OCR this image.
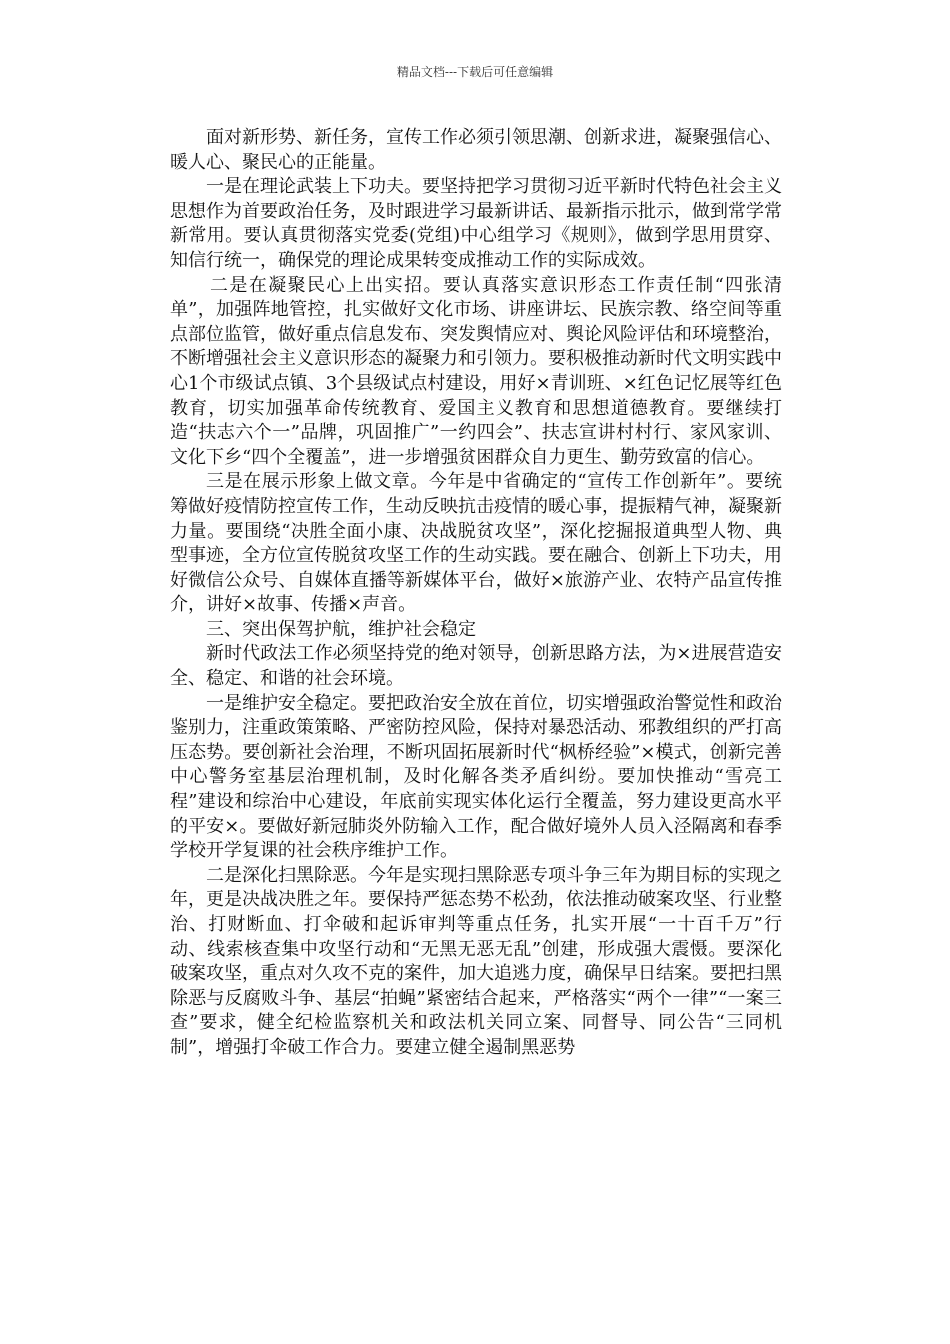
精品文档---下载后可任意编辑

面对新形势、新任务，宣传工作必须引领思潮、创新求进，凝聚强信心、暖人心、聚民心的正能量。

一是在理论武装上下功夫。要坚持把学习贯彻习近平新时代特色社会主义思想作为首要政治任务，及时跟进学习最新讲话、最新指示批示，做到常学常新常用。要认真贯彻落实党委(党组)中心组学习《规则》，做到学思用贯穿、知信行统一，确保党的理论成果转变成推动工作的实际成效。

二是在凝聚民心上出实招。要认真落实意识形态工作责任制“四张清单”，加强阵地管控，扎实做好文化市场、讲座讲坛、民族宗教、络空间等重点部位监管，做好重点信息发布、突发舆情应对、舆论风险评估和环境整治，不断增强社会主义意识形态的凝聚力和引领力。要积极推动新时代文明实践中心1个市级试点镇、3个县级试点村建设，用好×青训班、×红色记忆展等红色教育，切实加强革命传统教育、爱国主义教育和思想道德教育。要继续打造“扶志六个一”品牌，巩固推广”一约四会”、扶志宣讲村村行、家风家训、文化下乡“四个全覆盖”，进一步增强贫困群众自力更生、勤劳致富的信心。

三是在展示形象上做文章。今年是中省确定的“宣传工作创新年”。要统筹做好疫情防控宣传工作，生动反映抗击疫情的暖心事，提振精气神，凝聚新力量。要围绕“决胜全面小康、决战脱贫攻坚”，深化挖掘报道典型人物、典型事迹，全方位宣传脱贫攻坚工作的生动实践。要在融合、创新上下功夫，用好微信公众号、自媒体直播等新媒体平台，做好×旅游产业、农特产品宣传推介，讲好×故事、传播×声音。

三、突出保驾护航，维护社会稳定

新时代政法工作必须坚持党的绝对领导，创新思路方法，为×进展营造安全、稳定、和谐的社会环境。

一是维护安全稳定。要把政治安全放在首位，切实增强政治警觉性和政治鉴别力，注重政策策略、严密防控风险，保持对暴恐活动、邪教组织的严打高压态势。要创新社会治理，不断巩固拓展新时代“枫桥经验”×模式，创新完善中心警务室基层治理机制，及时化解各类矛盾纠纷。要加快推动“雪亮工程”建设和综治中心建设，年底前实现实体化运行全覆盖，努力建设更高水平的平安×。要做好新冠肺炎外防输入工作，配合做好境外人员入泾隔离和春季学校开学复课的社会秩序维护工作。

二是深化扫黑除恶。今年是实现扫黑除恶专项斗争三年为期目标的实现之年，更是决战决胜之年。要保持严惩态势不松劲，依法推动破案攻坚、行业整治、打财断血、打伞破和起诉审判等重点任务，扎实开展“一十百千万”行动、线索核查集中攻坚行动和“无黑无恶无乱”创建，形成强大震慑。要深化破案攻坚，重点对久攻不克的案件，加大追逃力度，确保早日结案。要把扫黑除恶与反腐败斗争、基层“拍蝇”紧密结合起来，严格落实“两个一律”“一案三查”要求，健全纪检监察机关和政法机关同立案、同督导、同公告“三同机制”，增强打伞破工作合力。要建立健全遏制黑恶势
